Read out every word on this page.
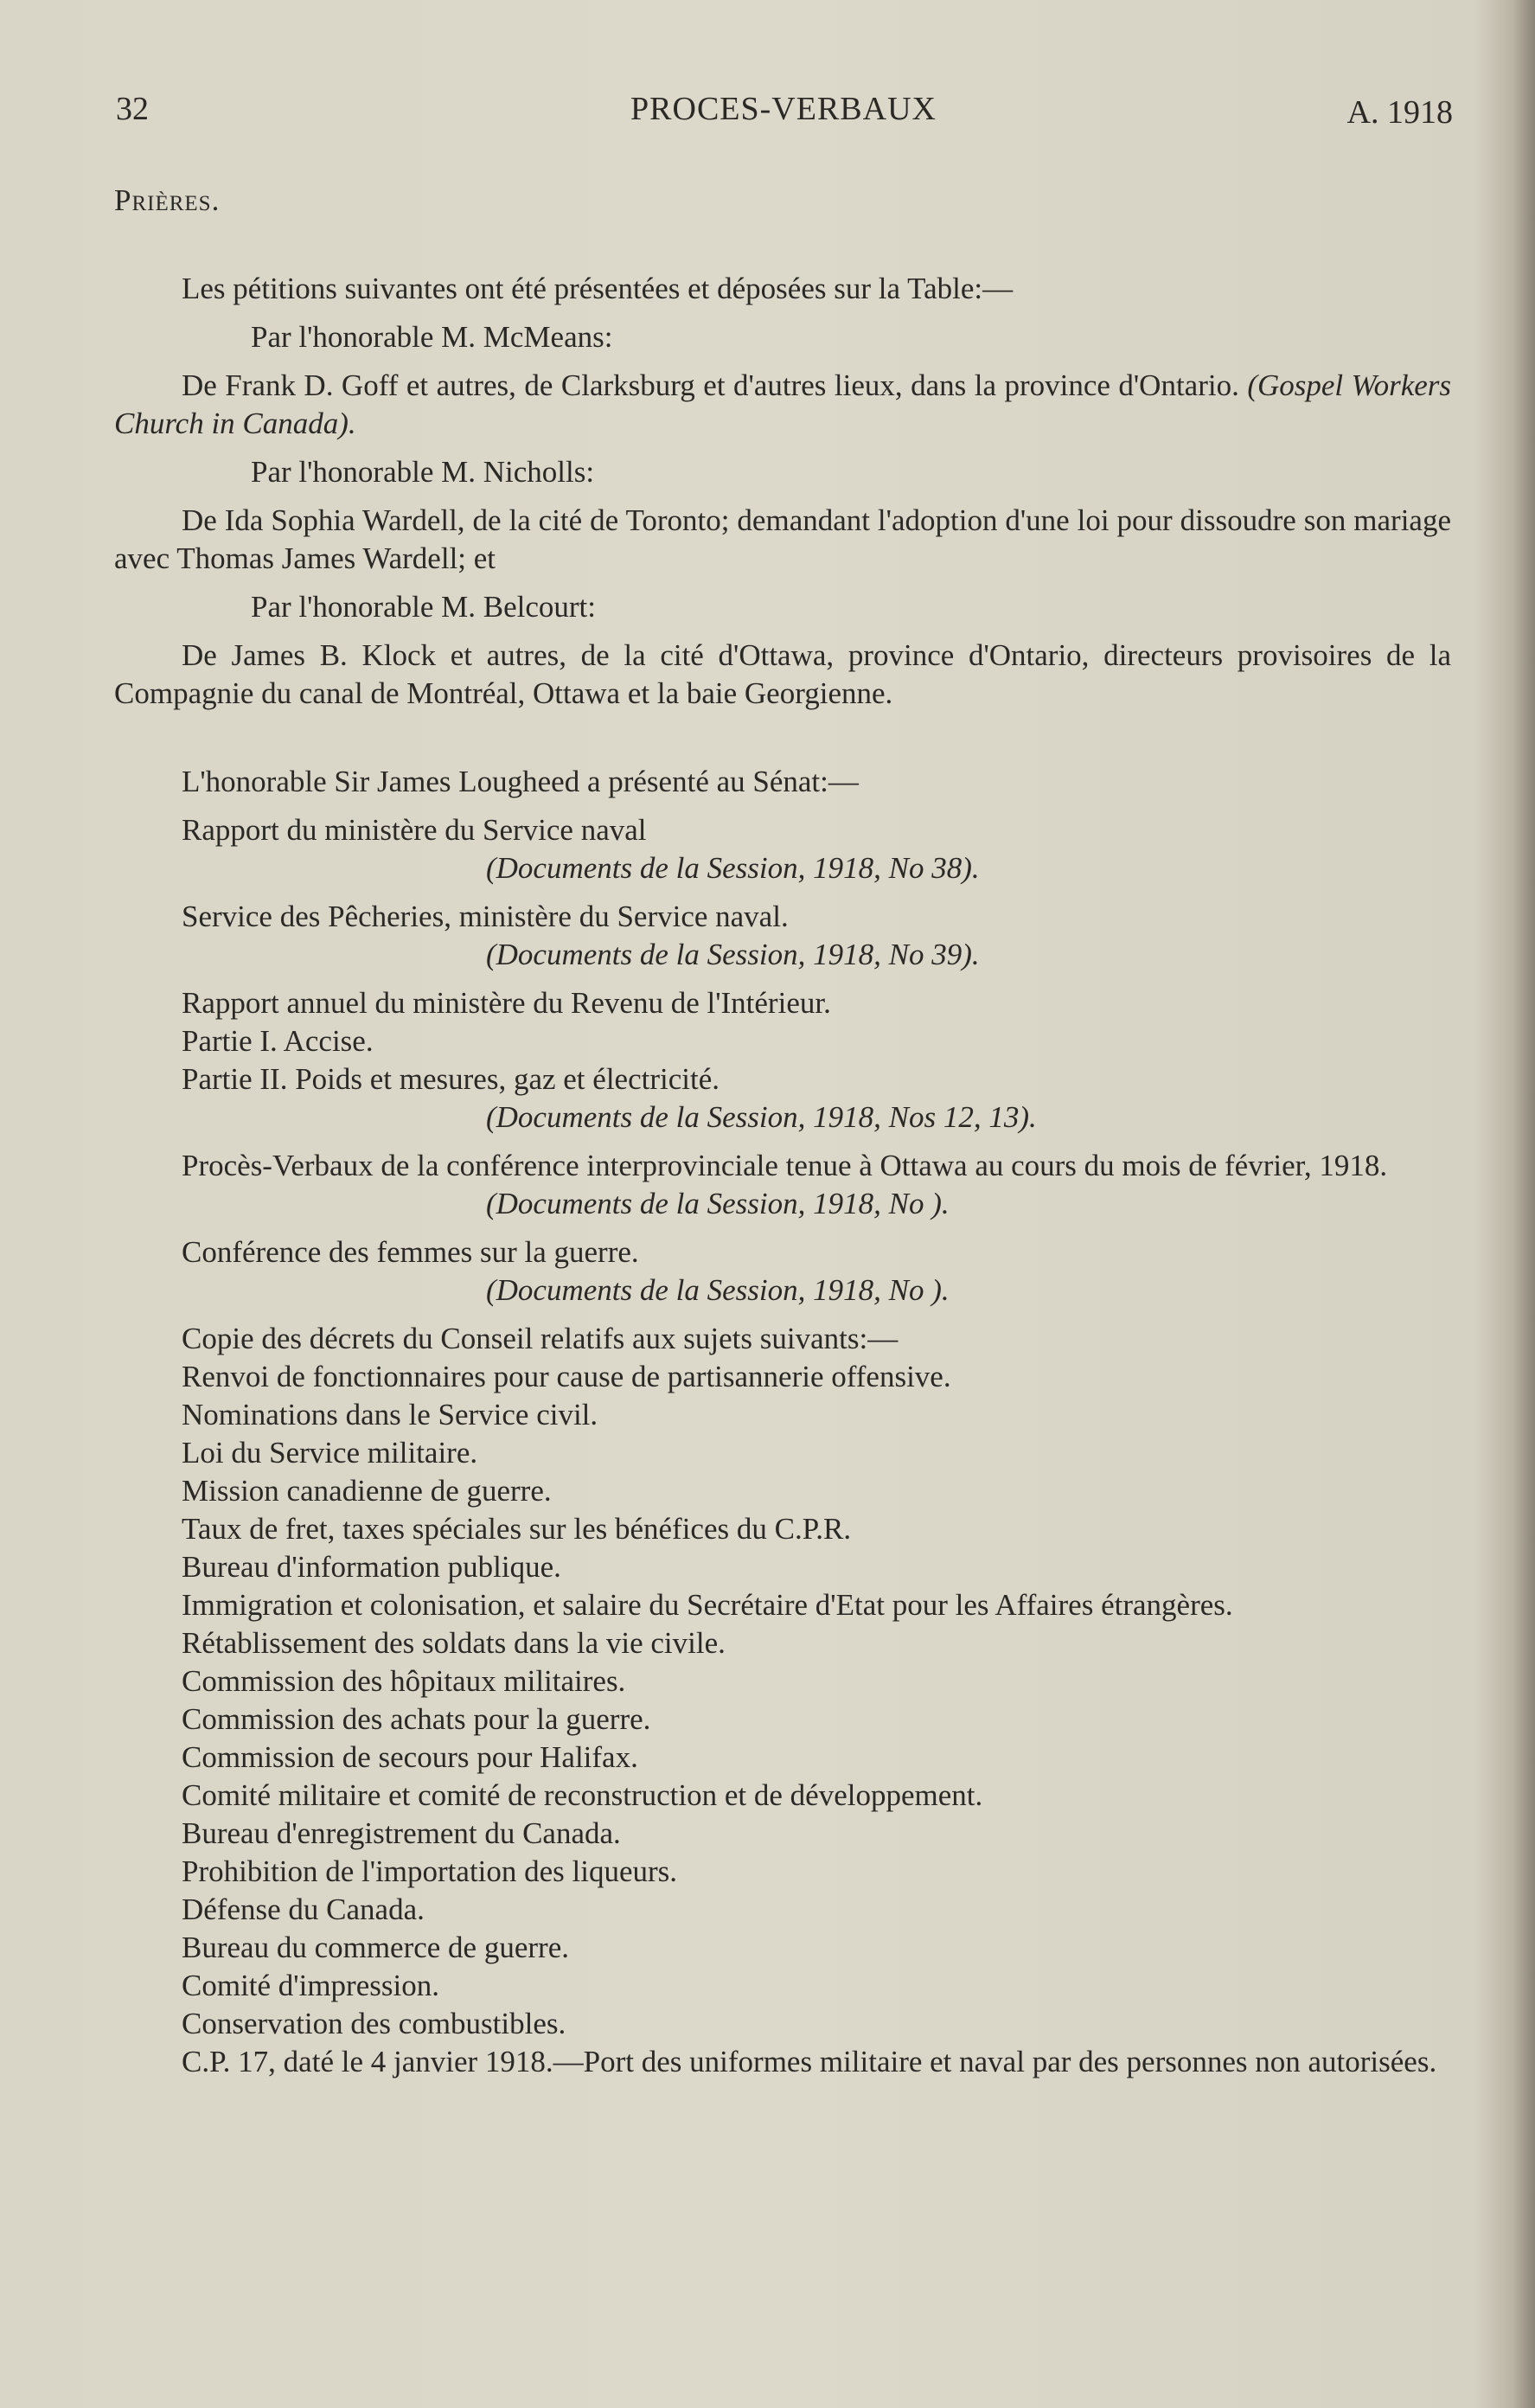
32	PROCES-VERBAUX	A. 1918

Prières.

Les pétitions suivantes ont été présentées et déposées sur la Table:—

Par l'honorable M. McMeans:

De Frank D. Goff et autres, de Clarksburg et d'autres lieux, dans la province d'Ontario. (Gospel Workers Church in Canada).

Par l'honorable M. Nicholls:

De Ida Sophia Wardell, de la cité de Toronto; demandant l'adoption d'une loi pour dissoudre son mariage avec Thomas James Wardell; et

Par l'honorable M. Belcourt:

De James B. Klock et autres, de la cité d'Ottawa, province d'Ontario, directeurs provisoires de la Compagnie du canal de Montréal, Ottawa et la baie Georgienne.

L'honorable Sir James Lougheed a présenté au Sénat:—

Rapport du ministère du Service naval

(Documents de la Session, 1918, No 38).

Service des Pêcheries, ministère du Service naval.

(Documents de la Session, 1918, No 39).

Rapport annuel du ministère du Revenu de l'Intérieur.

Partie I. Accise.

Partie II. Poids et mesures, gaz et électricité.

(Documents de la Session, 1918, Nos 12, 13).

Procès-Verbaux de la conférence interprovinciale tenue à Ottawa au cours du mois de février, 1918.

(Documents de la Session, 1918, No ).

Conférence des femmes sur la guerre.

(Documents de la Session, 1918, No ).

Copie des décrets du Conseil relatifs aux sujets suivants:—

Renvoi de fonctionnaires pour cause de partisannerie offensive.

Nominations dans le Service civil.

Loi du Service militaire.

Mission canadienne de guerre.

Taux de fret, taxes spéciales sur les bénéfices du C.P.R.

Bureau d'information publique.

Immigration et colonisation, et salaire du Secrétaire d'Etat pour les Affaires étrangères.

Rétablissement des soldats dans la vie civile.

Commission des hôpitaux militaires.

Commission des achats pour la guerre.

Commission de secours pour Halifax.

Comité militaire et comité de reconstruction et de développement.

Bureau d'enregistrement du Canada.

Prohibition de l'importation des liqueurs.

Défense du Canada.

Bureau du commerce de guerre.

Comité d'impression.

Conservation des combustibles.

C.P. 17, daté le 4 janvier 1918.—Port des uniformes militaire et naval par des personnes non autorisées.
